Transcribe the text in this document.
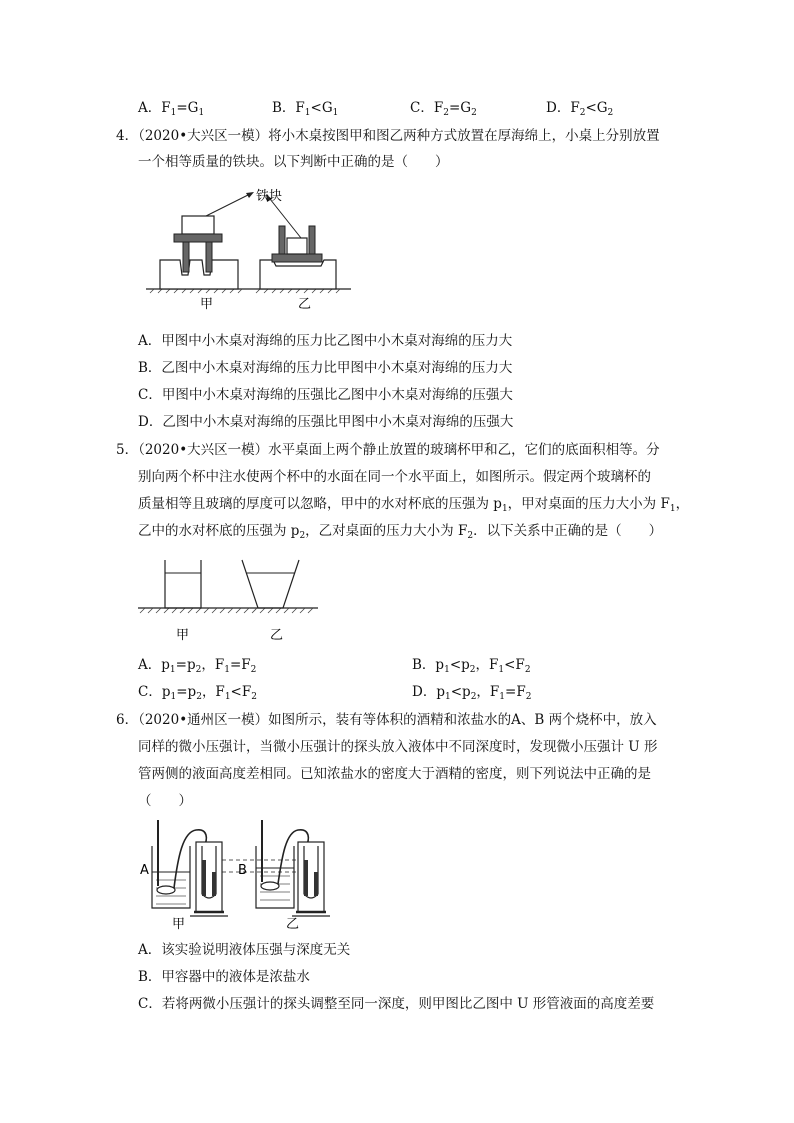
A．$F_1=G_1$	B．$F_1<G_1$	C．$F_2=G_2$	D．$F_2<G_2$
4．（2020•大兴区一模）将小木桌按图甲和图乙两种方式放置在厚海绵上，小桌上分别放置
一个相等质量的铁块。以下判断中正确的是（　　）
铁块
甲	乙
A．甲图中小木桌对海绵的压力比乙图中小木桌对海绵的压力大
B．乙图中小木桌对海绵的压力比甲图中小木桌对海绵的压力大
C．甲图中小木桌对海绵的压强比乙图中小木桌对海绵的压强大
D．乙图中小木桌对海绵的压强比甲图中小木桌对海绵的压强大
5．（2020•大兴区一模）水平桌面上两个静止放置的玻璃杯甲和乙，它们的底面积相等。分
别向两个杯中注水使两个杯中的水面在同一个水平面上，如图所示。假定两个玻璃杯的
质量相等且玻璃的厚度可以忽略，甲中的水对杯底的压强为 $p_1$，甲对桌面的压力大小为 $F_1$，
乙中的水对杯底的压强为 $p_2$，乙对桌面的压力大小为 $F_2$．以下关系中正确的是（　　）
甲	乙
A．$p_1=p_2$，$F_1=F_2$	B．$p_1<p_2$，$F_1<F_2$
C．$p_1=p_2$，$F_1<F_2$	D．$p_1<p_2$，$F_1=F_2$
6．（2020•通州区一模）如图所示，装有等体积的酒精和浓盐水的A、B 两个烧杯中，放入
同样的微小压强计，当微小压强计的探头放入液体中不同深度时，发现微小压强计 U 形
管两侧的液面高度差相同。已知浓盐水的密度大于酒精的密度，则下列说法中正确的是
（　　）
A	B
甲	乙
A．该实验说明液体压强与深度无关
B．甲容器中的液体是浓盐水
C．若将两微小压强计的探头调整至同一深度，则甲图比乙图中 U 形管液面的高度差要
